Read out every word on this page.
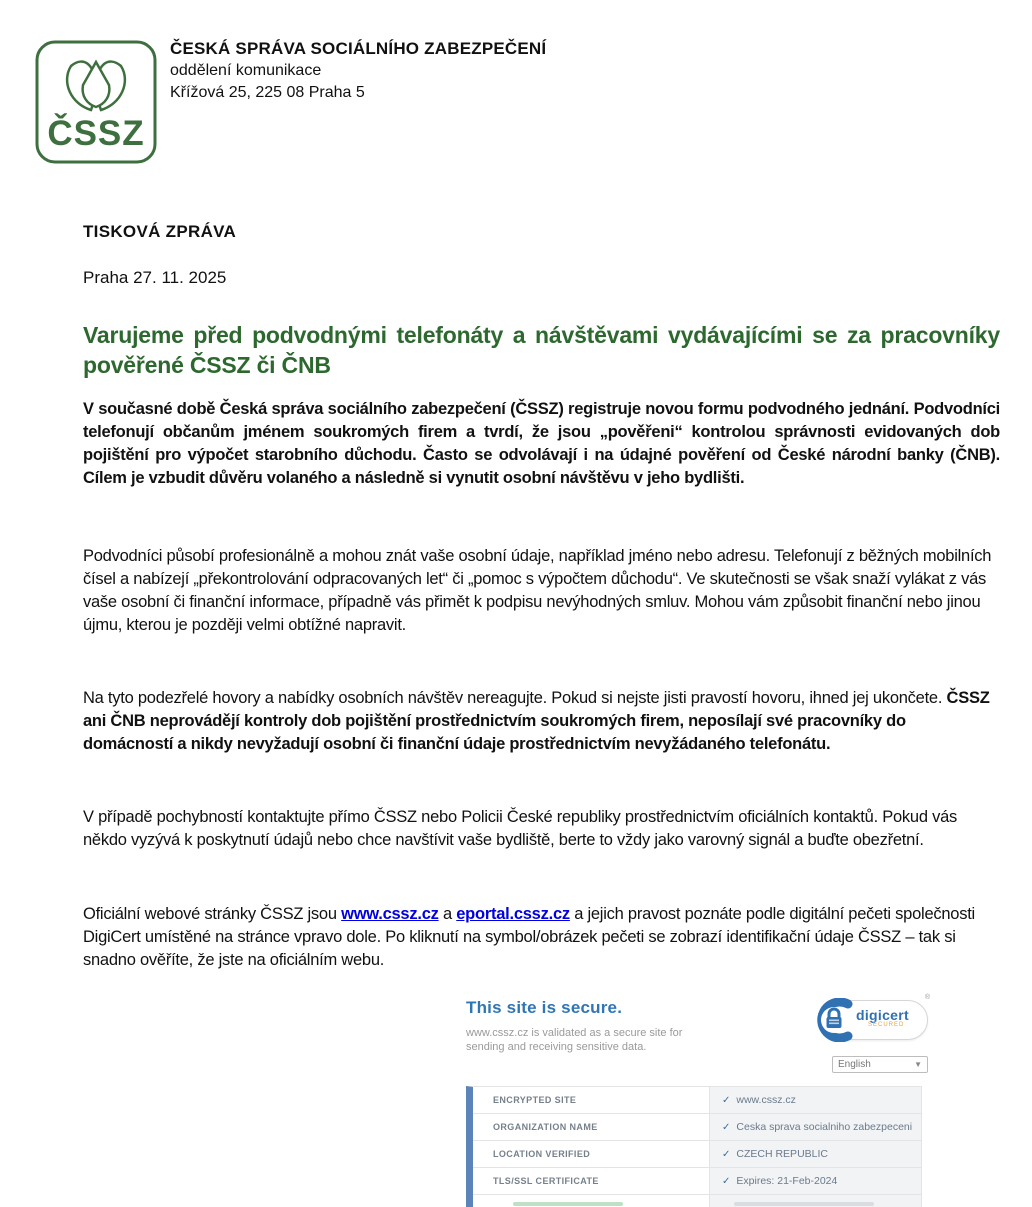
ČSSZ
ČESKÁ SPRÁVA SOCIÁLNÍHO ZABEZPEČENÍ
oddělení komunikace
Křížová 25, 225 08 Praha 5
TISKOVÁ ZPRÁVA
Praha 27. 11. 2025
Varujeme před podvodnými telefonáty a návštěvami vydávajícími se za pracovníky pověřené ČSSZ či ČNB

V současné době Česká správa sociálního zabezpečení (ČSSZ) registruje novou formu podvodného jednání. Podvodníci telefonují občanům jménem soukromých firem a tvrdí, že jsou „pověřeni“ kontrolou správnosti evidovaných dob pojištění pro výpočet starobního důchodu. Často se odvolávají i na údajné pověření od České národní banky (ČNB). Cílem je vzbudit důvěru volaného a následně si vynutit osobní návštěvu v jeho bydlišti.

Podvodníci působí profesionálně a mohou znát vaše osobní údaje, například jméno nebo adresu. Telefonují z běžných mobilních čísel a nabízejí „překontrolování odpracovaných let“ či „pomoc s výpočtem důchodu“. Ve skutečnosti se však snaží vylákat z vás vaše osobní či finanční informace, případně vás přimět k podpisu nevýhodných smluv. Mohou vám způsobit finanční nebo jinou újmu, kterou je později velmi obtížné napravit.

Na tyto podezřelé hovory a nabídky osobních návštěv nereagujte. Pokud si nejste jisti pravostí hovoru, ihned jej ukončete. ČSSZ ani ČNB neprovádějí kontroly dob pojištění prostřednictvím soukromých firem, neposílají své pracovníky do domácností a nikdy nevyžadují osobní či finanční údaje prostřednictvím nevyžádaného telefonátu.

V případě pochybností kontaktujte přímo ČSSZ nebo Policii České republiky prostřednictvím oficiálních kontaktů. Pokud vás někdo vyzývá k poskytnutí údajů nebo chce navštívit vaše bydliště, berte to vždy jako varovný signál a buďte obezřetní.

Oficiální webové stránky ČSSZ jsou www.cssz.cz a eportal.cssz.cz a jejich pravost poznáte podle digitální pečeti společnosti DigiCert umístěné na stránce vpravo dole. Po kliknutí na symbol/obrázek pečeti se zobrazí identifikační údaje ČSSZ – tak si snadno ověříte, že jste na oficiálním webu.

This site is secure.
www.cssz.cz is validated as a secure site for sending and receiving sensitive data.
digicert
SECURED
®
English	▼
ENCRYPTED SITE	✓ www.cssz.cz
ORGANIZATION NAME	✓ Ceska sprava socialniho zabezpeceni
LOCATION VERIFIED	✓ CZECH REPUBLIC
TLS/SSL CERTIFICATE	✓ Expires: 21-Feb-2024
